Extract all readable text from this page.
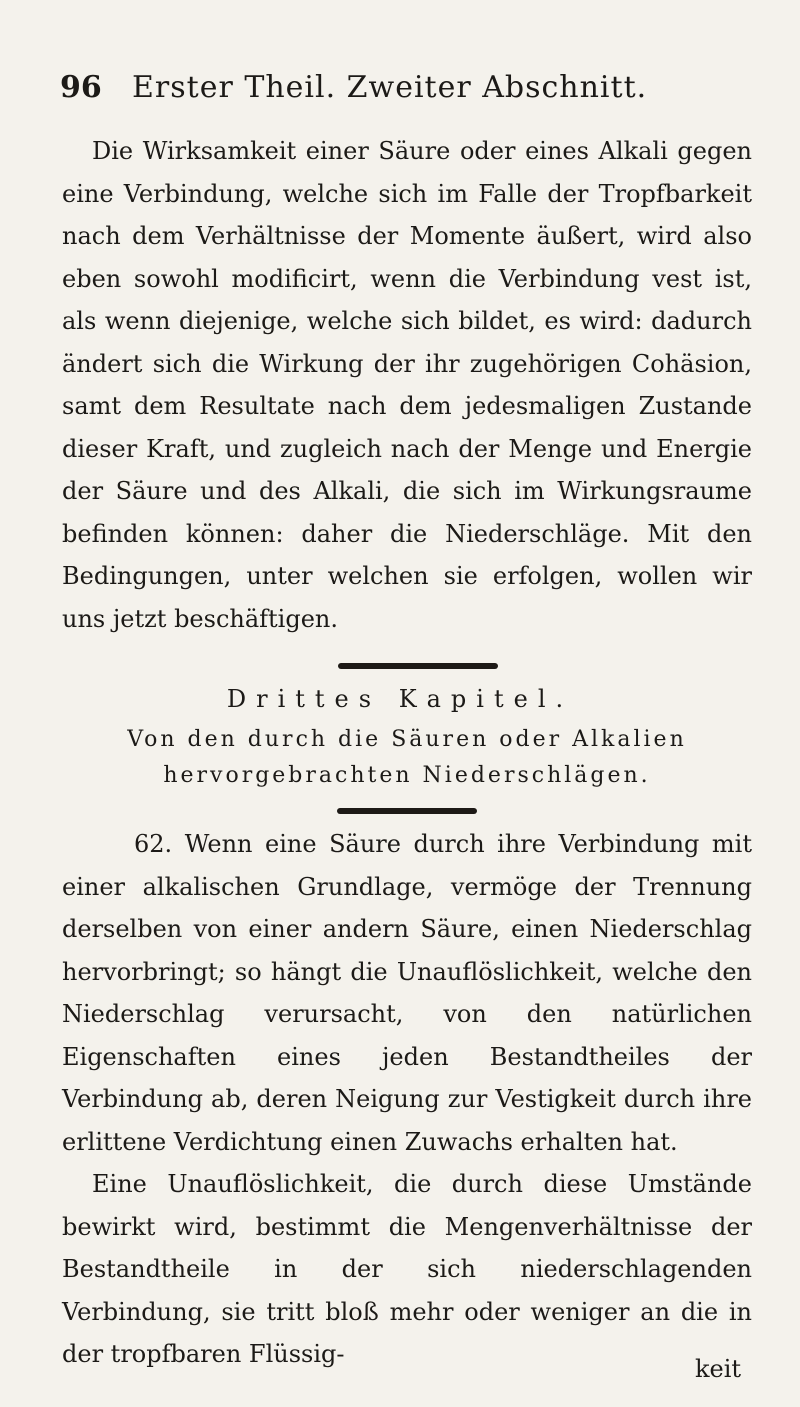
96 Erster Theil. Zweiter Abschnitt.

Die Wirksamkeit einer Säure oder eines Alkali gegen eine Verbindung, welche sich im Falle der Tropfbarkeit nach dem Verhältnisse der Momente äußert, wird also eben sowohl modificirt, wenn die Verbindung vest ist, als wenn diejenige, welche sich bildet, es wird: dadurch ändert sich die Wirkung der ihr zugehörigen Cohäsion, samt dem Resultate nach dem jedesmaligen Zustande dieser Kraft, und zugleich nach der Menge und Energie der Säure und des Alkali, die sich im Wirkungsraume befinden können: daher die Niederschläge. Mit den Bedingungen, unter welchen sie erfolgen, wollen wir uns jetzt beschäftigen.

Drittes Kapitel.
Von den durch die Säuren oder Alkalien hervorgebrachten Niederschlägen.

62. Wenn eine Säure durch ihre Verbindung mit einer alkalischen Grundlage, vermöge der Trennung derselben von einer andern Säure, einen Niederschlag hervorbringt; so hängt die Unauflöslichkeit, welche den Niederschlag verursacht, von den natürlichen Eigenschaften eines jeden Bestandtheiles der Verbindung ab, deren Neigung zur Vestigkeit durch ihre erlittene Verdichtung einen Zuwachs erhalten hat.

Eine Unauflöslichkeit, die durch diese Umstände bewirkt wird, bestimmt die Mengenverhältnisse der Bestandtheile in der sich niederschlagenden Verbindung, sie tritt bloß mehr oder weniger an die in der tropfbaren Flüssig-

keit
